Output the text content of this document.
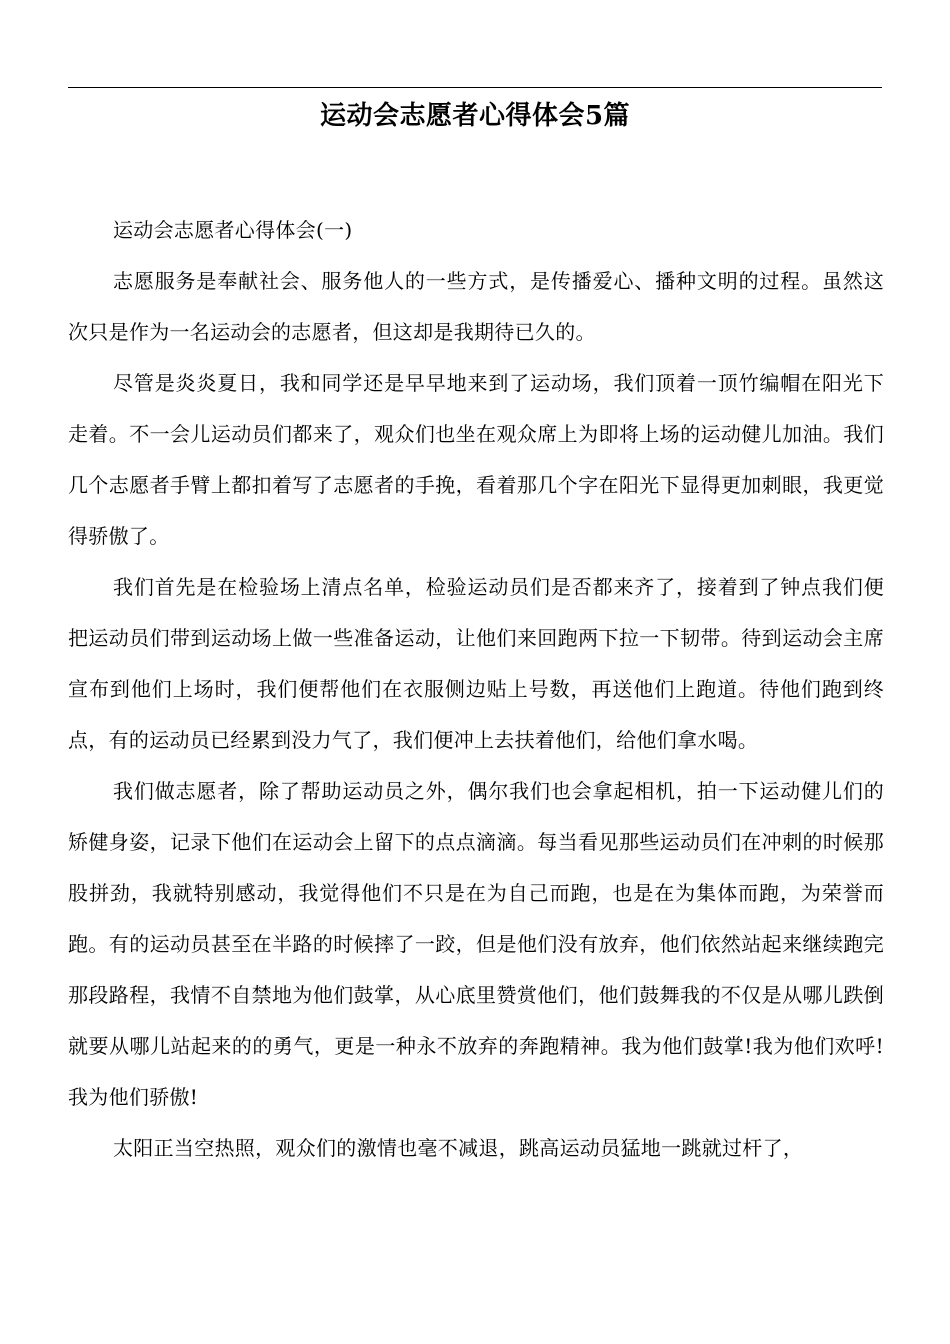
运动会志愿者心得体会5篇

运动会志愿者心得体会(一)

志愿服务是奉献社会、服务他人的一些方式，是传播爱心、播种文明的过程。虽然这次只是作为一名运动会的志愿者，但这却是我期待已久的。

尽管是炎炎夏日，我和同学还是早早地来到了运动场，我们顶着一顶竹编帽在阳光下走着。不一会儿运动员们都来了，观众们也坐在观众席上为即将上场的运动健儿加油。我们几个志愿者手臂上都扣着写了志愿者的手挽，看着那几个字在阳光下显得更加刺眼，我更觉得骄傲了。

我们首先是在检验场上清点名单，检验运动员们是否都来齐了，接着到了钟点我们便把运动员们带到运动场上做一些准备运动，让他们来回跑两下拉一下韧带。待到运动会主席宣布到他们上场时，我们便帮他们在衣服侧边贴上号数，再送他们上跑道。待他们跑到终点，有的运动员已经累到没力气了，我们便冲上去扶着他们，给他们拿水喝。

我们做志愿者，除了帮助运动员之外，偶尔我们也会拿起相机，拍一下运动健儿们的矫健身姿，记录下他们在运动会上留下的点点滴滴。每当看见那些运动员们在冲刺的时候那股拼劲，我就特别感动，我觉得他们不只是在为自己而跑，也是在为集体而跑，为荣誉而跑。有的运动员甚至在半路的时候摔了一跤，但是他们没有放弃，他们依然站起来继续跑完那段路程，我情不自禁地为他们鼓掌，从心底里赞赏他们，他们鼓舞我的不仅是从哪儿跌倒就要从哪儿站起来的的勇气，更是一种永不放弃的奔跑精神。我为他们鼓掌!我为他们欢呼!我为他们骄傲!

太阳正当空热照，观众们的激情也毫不减退，跳高运动员猛地一跳就过杆了，
